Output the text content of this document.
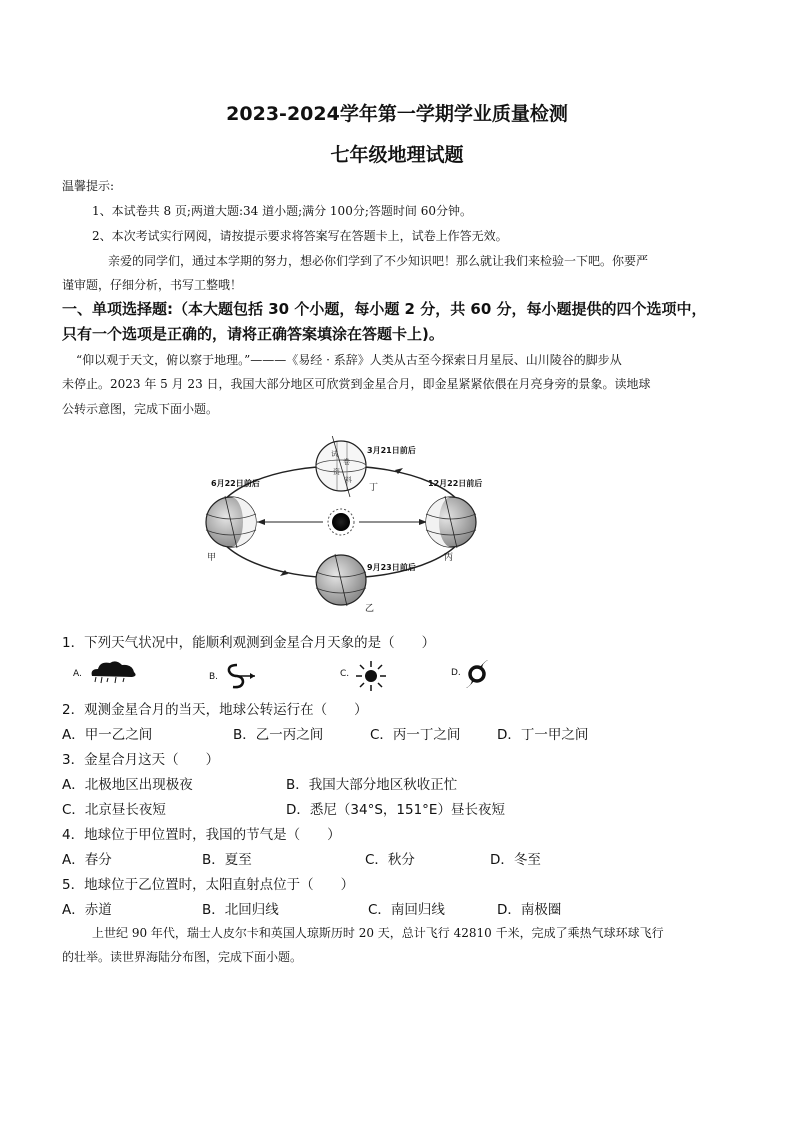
2023-2024学年第一学期学业质量检测
七年级地理试题
温馨提示:
1、本试卷共 8 页;两道大题:34 道小题;满分 100分;答题时间 60分钟。
2、本次考试实行网阅，请按提示要求将答案写在答题卡上，试卷上作答无效。
亲爱的同学们，通过本学期的努力，想必你们学到了不少知识吧！那么就让我们来检验一下吧。你要严
谨审题，仔细分析，书写工整哦！
一、单项选择题:（本大题包括 30 个小题，每小题 2 分，共 60 分，每小题提供的四个选项中，
只有一个选项是正确的，请将正确答案填涂在答题卡上)。
“仰以观于天文，俯以察于地理。”———《易经 · 系辞》人类从古至今探索日月星辰、山川陵谷的脚步从
未停止。2023 年 5 月 23 日，我国大部分地区可欣赏到金星合月，即金星紧紧依偎在月亮身旁的景象。读地球
公转示意图，完成下面小题。
试
卷
资
料
3月21日前后
6月22日前后	12月22日前后
9月23日前后
甲
乙
丙
丁
1．下列天气状况中，能顺利观测到金星合月天象的是（　　）
A.	B.	C.	D.
2．观测金星合月的当天，地球公转运行在（　　）
A．甲一乙之间	B．乙一丙之间	C．丙一丁之间	D．丁一甲之间
3．金星合月这天（　　）
A．北极地区出现极夜	B．我国大部分地区秋收正忙
C．北京昼长夜短	D．悉尼（34°S，151°E）昼长夜短
4．地球位于甲位置时，我国的节气是（　　）
A．春分	B．夏至	C．秋分	D．冬至
5．地球位于乙位置时，太阳直射点位于（　　）
A．赤道	B．北回归线	C．南回归线	D．南极圈
上世纪 90 年代，瑞士人皮尔卡和英国人琼斯历时 20 天，总计飞行 42810 千米，完成了乘热气球环球飞行
的壮举。读世界海陆分布图，完成下面小题。
